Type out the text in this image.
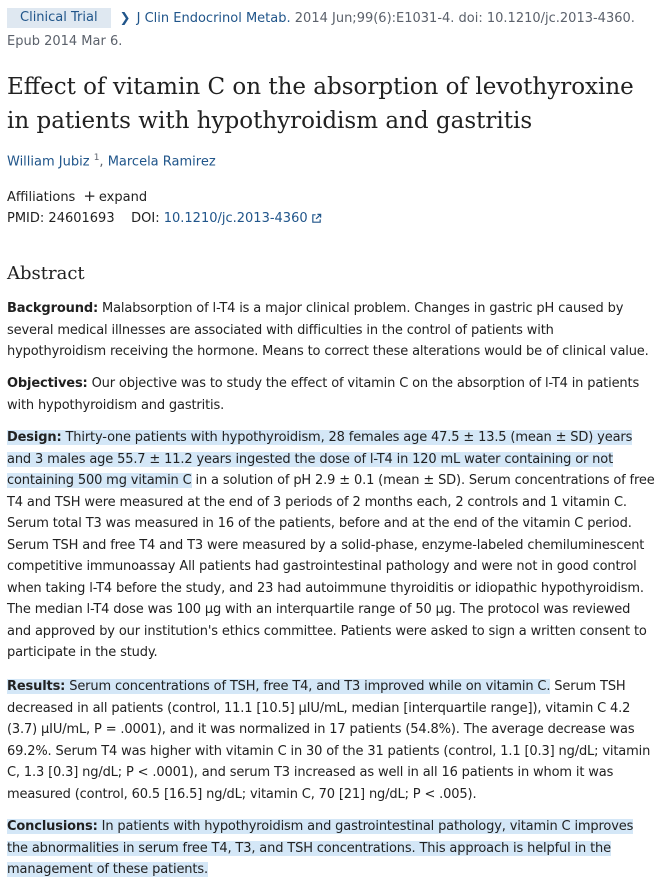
Clinical Trial ❯ J Clin Endocrinol Metab. 2014 Jun;99(6):E1031-4. doi: 10.1210/jc.2013-4360.
Epub 2014 Mar 6.
Effect of vitamin C on the absorption of levothyroxine in patients with hypothyroidism and gastritis
William Jubiz $^1$, Marcela Ramirez
Affiliations + expand
PMID: 24601693 DOI: 10.1210/jc.2013-4360
Abstract

Background: Malabsorption of l-T4 is a major clinical problem. Changes in gastric pH caused by several medical illnesses are associated with difficulties in the control of patients with hypothyroidism receiving the hormone. Means to correct these alterations would be of clinical value.

Objectives: Our objective was to study the effect of vitamin C on the absorption of l-T4 in patients with hypothyroidism and gastritis.

Design: Thirty-one patients with hypothyroidism, 28 females age 47.5 ± 13.5 (mean ± SD) years and 3 males age 55.7 ± 11.2 years ingested the dose of l-T4 in 120 mL water containing or not containing 500 mg vitamin C in a solution of pH 2.9 ± 0.1 (mean ± SD). Serum concentrations of free T4 and TSH were measured at the end of 3 periods of 2 months each, 2 controls and 1 vitamin C. Serum total T3 was measured in 16 of the patients, before and at the end of the vitamin C period. Serum TSH and free T4 and T3 were measured by a solid-phase, enzyme-labeled chemiluminescent competitive immunoassay All patients had gastrointestinal pathology and were not in good control when taking l-T4 before the study, and 23 had autoimmune thyroiditis or idiopathic hypothyroidism. The median l-T4 dose was 100 μg with an interquartile range of 50 μg. The protocol was reviewed and approved by our institution's ethics committee. Patients were asked to sign a written consent to participate in the study.

Results: Serum concentrations of TSH, free T4, and T3 improved while on vitamin C. Serum TSH decreased in all patients (control, 11.1 [10.5] μIU/mL, median [interquartile range]), vitamin C 4.2 (3.7) μIU/mL, P = .0001), and it was normalized in 17 patients (54.8%). The average decrease was 69.2%. Serum T4 was higher with vitamin C in 30 of the 31 patients (control, 1.1 [0.3] ng/dL; vitamin C, 1.3 [0.3] ng/dL; P < .0001), and serum T3 increased as well in all 16 patients in whom it was measured (control, 60.5 [16.5] ng/dL; vitamin C, 70 [21] ng/dL; P < .005).

Conclusions: In patients with hypothyroidism and gastrointestinal pathology, vitamin C improves the abnormalities in serum free T4, T3, and TSH concentrations. This approach is helpful in the management of these patients.
